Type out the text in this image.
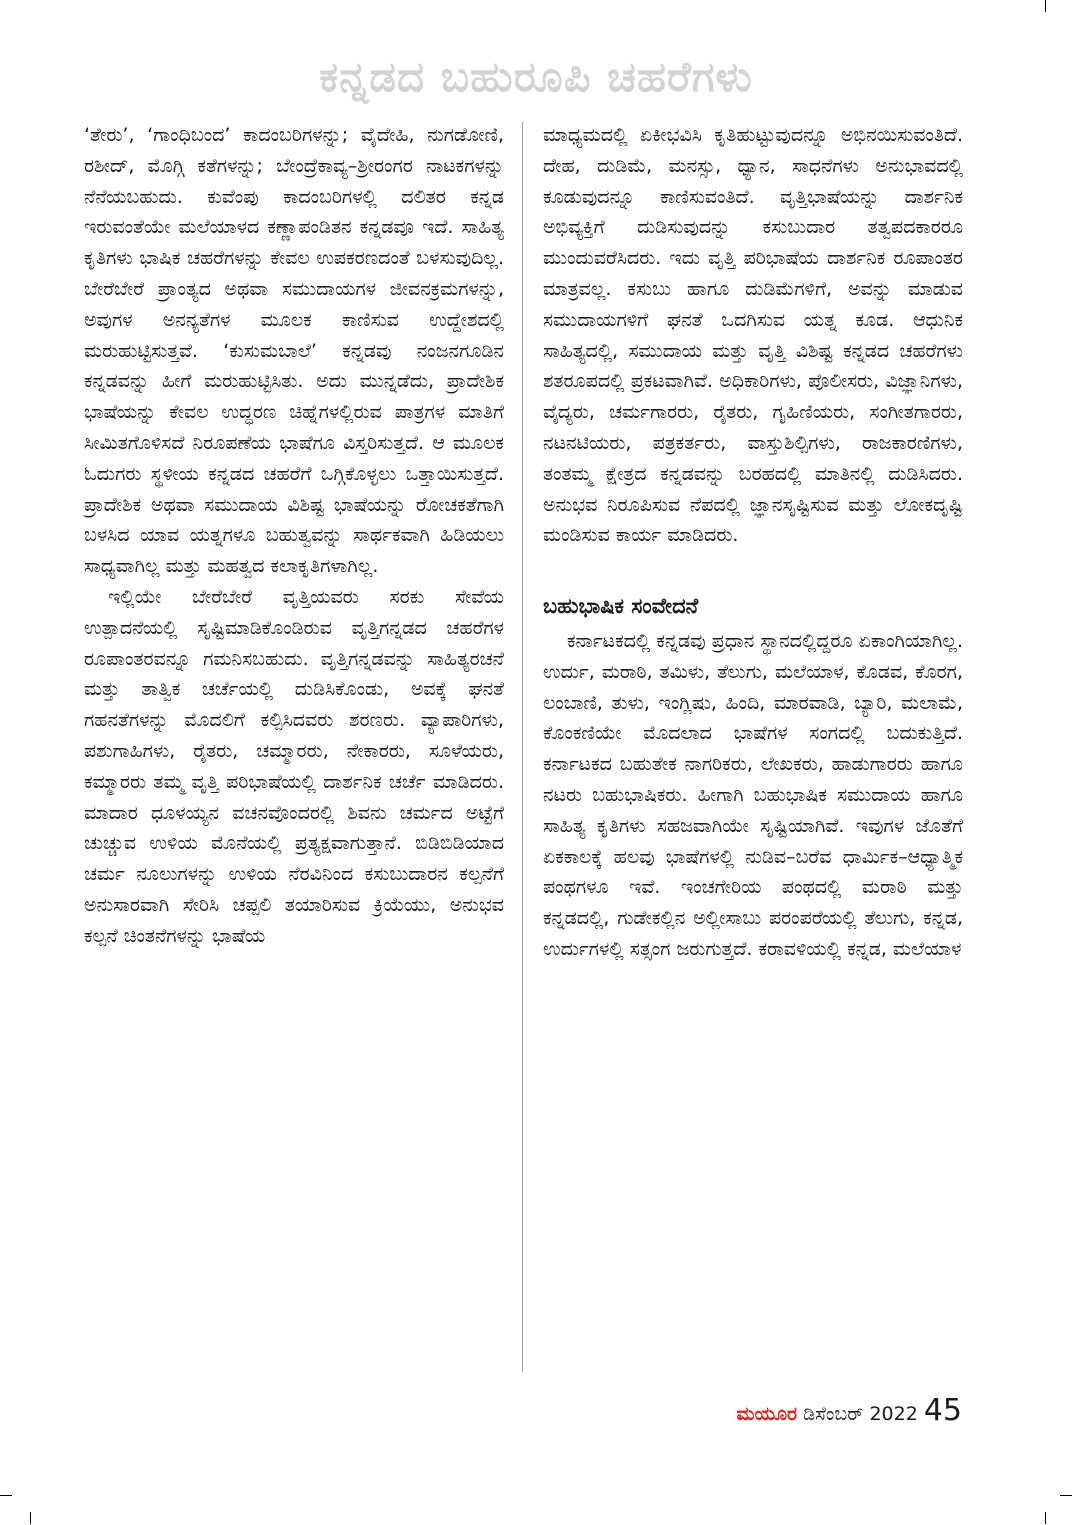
ಕನ್ನಡದ ಬಹುರೂಪಿ ಚಹರೆಗಳು

‘ತೇರು’, ‘ಗಾಂಧಿಬಂದ’ ಕಾದಂಬರಿಗಳನ್ನು; ವೈದೇಹಿ, ನುಗಡೋಣಿ, ರಶೀದ್, ಮೊಗ್ಗಿ ಕತೆಗಳನ್ನು; ಬೇಂದ್ರೆಕಾವ್ಯ–ಶ್ರೀರಂಗರ ನಾಟಕಗಳನ್ನು ನೆನೆಯಬಹುದು. ಕುವೆಂಪು ಕಾದಂಬರಿಗಳಲ್ಲಿ ದಲಿತರ ಕನ್ನಡ ಇರುವಂತೆಯೇ ಮಲೆಯಾಳದ ಕಣ್ಣಾಪಂಡಿತನ ಕನ್ನಡವೂ ಇದೆ. ಸಾಹಿತ್ಯ ಕೃತಿಗಳು ಭಾಷಿಕ ಚಹರೆಗಳನ್ನು ಕೇವಲ ಉಪಕರಣದಂತೆ ಬಳಸುವುದಿಲ್ಲ. ಬೇರೆಬೇರೆ ಪ್ರಾಂತ್ಯದ ಅಥವಾ ಸಮುದಾಯಗಳ ಜೀವನಕ್ರಮಗಳನ್ನು, ಅವುಗಳ ಅನನ್ಯತೆಗಳ ಮೂಲಕ ಕಾಣಿಸುವ ಉದ್ದೇಶದಲ್ಲಿ ಮರುಹುಟ್ಟಿಸುತ್ತವೆ. ‘ಕುಸುಮಬಾಲೆ’ ಕನ್ನಡವು ನಂಜನಗೂಡಿನ ಕನ್ನಡವನ್ನು ಹೀಗೆ ಮರುಹುಟ್ಟಿಸಿತು. ಅದು ಮುನ್ನಡೆದು, ಪ್ರಾದೇಶಿಕ ಭಾಷೆಯನ್ನು ಕೇವಲ ಉದ್ಧರಣ ಚಿಹ್ನೆಗಳಲ್ಲಿರುವ ಪಾತ್ರಗಳ ಮಾತಿಗೆ ಸೀಮಿತಗೊಳಿಸದೆ ನಿರೂಪಣೆಯ ಭಾಷೆಗೂ ವಿಸ್ತರಿಸುತ್ತದೆ. ಆ ಮೂಲಕ ಓದುಗರು ಸ್ಥಳೀಯ ಕನ್ನಡದ ಚಹರೆಗೆ ಒಗ್ಗಿಕೊಳ್ಳಲು ಒತ್ತಾಯಿಸುತ್ತದೆ. ಪ್ರಾದೇಶಿಕ ಅಥವಾ ಸಮುದಾಯ ವಿಶಿಷ್ಟ ಭಾಷೆಯನ್ನು ರೋಚಕತೆಗಾಗಿ ಬಳಸಿದ ಯಾವ ಯತ್ನಗಳೂ ಬಹುತ್ವವನ್ನು ಸಾರ್ಥಕವಾಗಿ ಹಿಡಿಯಲು ಸಾಧ್ಯವಾಗಿಲ್ಲ ಮತ್ತು ಮಹತ್ವದ ಕಲಾಕೃತಿಗಳಾಗಿಲ್ಲ.

ಇಲ್ಲಿಯೇ ಬೇರೆಬೇರೆ ವೃತ್ತಿಯವರು ಸರಕು ಸೇವೆಯ ಉತ್ಪಾದನೆಯಲ್ಲಿ ಸೃಷ್ಟಿಮಾಡಿಕೊಂಡಿರುವ ವೃತ್ತಿಗನ್ನಡದ ಚಹರೆಗಳ ರೂಪಾಂತರವನ್ನೂ ಗಮನಿಸಬಹುದು. ವೃತ್ತಿಗನ್ನಡವನ್ನು ಸಾಹಿತ್ಯರಚನೆ ಮತ್ತು ತಾತ್ವಿಕ ಚರ್ಚೆಯಲ್ಲಿ ದುಡಿಸಿಕೊಂಡು, ಅವಕ್ಕೆ ಘನತೆ ಗಹನತೆಗಳನ್ನು ಮೊದಲಿಗೆ ಕಲ್ಪಿಸಿದವರು ಶರಣರು. ವ್ಯಾಪಾರಿಗಳು, ಪಶುಗಾಹಿಗಳು, ರೈತರು, ಚಮ್ಮಾರರು, ನೇಕಾರರು, ಸೂಳೆಯರು, ಕಮ್ಮಾರರು ತಮ್ಮ ವೃತ್ತಿ ಪರಿಭಾಷೆಯಲ್ಲಿ ದಾರ್ಶನಿಕ ಚರ್ಚೆ ಮಾಡಿದರು. ಮಾದಾರ ಧೂಳಯ್ಯನ ವಚನವೊಂದರಲ್ಲಿ ಶಿವನು ಚರ್ಮದ ಅಟ್ಟೆಗೆ ಚುಚ್ಚುವ ಉಳಿಯ ಮೊನೆಯಲ್ಲಿ ಪ್ರತ್ಯಕ್ಷವಾಗುತ್ತಾನೆ. ಬಿಡಿಬಿಡಿಯಾದ ಚರ್ಮ ನೂಲುಗಳನ್ನು ಉಳಿಯ ನೆರವಿನಿಂದ ಕಸುಬುದಾರನ ಕಲ್ಪನೆಗೆ ಅನುಸಾರವಾಗಿ ಸೇರಿಸಿ ಚಪ್ಪಲಿ ತಯಾರಿಸುವ ಕ್ರಿಯೆಯು, ಅನುಭವ ಕಲ್ಪನೆ ಚಿಂತನೆಗಳನ್ನು ಭಾಷೆಯ

ಮಾಧ್ಯಮದಲ್ಲಿ ಏಕೀಭವಿಸಿ ಕೃತಿಹುಟ್ಟುವುದನ್ನೂ ಅಭಿನಯಿಸುವಂತಿದೆ. ದೇಹ, ದುಡಿಮೆ, ಮನಸ್ಸು, ಧ್ಯಾನ, ಸಾಧನೆಗಳು ಅನುಭಾವದಲ್ಲಿ ಕೂಡುವುದನ್ನೂ ಕಾಣಿಸುವಂತಿದೆ. ವೃತ್ತಿಭಾಷೆಯನ್ನು ದಾರ್ಶನಿಕ ಅಭಿವ್ಯಕ್ತಿಗೆ ದುಡಿಸುವುದನ್ನು ಕಸುಬುದಾರ ತತ್ವಪದಕಾರರೂ ಮುಂದುವರೆಸಿದರು. ಇದು ವೃತ್ತಿ ಪರಿಭಾಷೆಯ ದಾರ್ಶನಿಕ ರೂಪಾಂತರ ಮಾತ್ರವಲ್ಲ. ಕಸುಬು ಹಾಗೂ ದುಡಿಮೆಗಳಿಗೆ, ಅವನ್ನು ಮಾಡುವ ಸಮುದಾಯಗಳಿಗೆ ಘನತೆ ಒದಗಿಸುವ ಯತ್ನ ಕೂಡ. ಆಧುನಿಕ ಸಾಹಿತ್ಯದಲ್ಲಿ, ಸಮುದಾಯ ಮತ್ತು ವೃತ್ತಿ ವಿಶಿಷ್ಟ ಕನ್ನಡದ ಚಹರೆಗಳು ಶತರೂಪದಲ್ಲಿ ಪ್ರಕಟವಾಗಿವೆ. ಅಧಿಕಾರಿಗಳು, ಪೊಲೀಸರು, ವಿಜ್ಞಾನಿಗಳು, ವೈದ್ಯರು, ಚರ್ಮಗಾರರು, ರೈತರು, ಗೃಹಿಣಿಯರು, ಸಂಗೀತಗಾರರು, ನಟನಟಿಯರು, ಪತ್ರಕರ್ತರು, ವಾಸ್ತುಶಿಲ್ಪಿಗಳು, ರಾಜಕಾರಣಿಗಳು, ತಂತಮ್ಮ ಕ್ಷೇತ್ರದ ಕನ್ನಡವನ್ನು ಬರಹದಲ್ಲಿ ಮಾತಿನಲ್ಲಿ ದುಡಿಸಿದರು. ಅನುಭವ ನಿರೂಪಿಸುವ ನೆಪದಲ್ಲಿ ಜ್ಞಾನಸೃಷ್ಟಿಸುವ ಮತ್ತು ಲೋಕದೃಷ್ಟಿ ಮಂಡಿಸುವ ಕಾರ್ಯ ಮಾಡಿದರು.

ಬಹುಭಾಷಿಕ ಸಂವೇದನೆ

ಕರ್ನಾಟಕದಲ್ಲಿ ಕನ್ನಡವು ಪ್ರಧಾನ ಸ್ಥಾನದಲ್ಲಿದ್ದರೂ ಏಕಾಂಗಿಯಾಗಿಲ್ಲ. ಉರ್ದು, ಮರಾಠಿ, ತಮಿಳು, ತೆಲುಗು, ಮಲೆಯಾಳ, ಕೊಡವ, ಕೊರಗ, ಲಂಬಾಣಿ, ತುಳು, ಇಂಗ್ಲಿಷು, ಹಿಂದಿ, ಮಾರವಾಡಿ, ಬ್ಯಾರಿ, ಮಲಾಮೆ, ಕೊಂಕಣಿಯೇ ಮೊದಲಾದ ಭಾಷೆಗಳ ಸಂಗದಲ್ಲಿ ಬದುಕುತ್ತಿದೆ. ಕರ್ನಾಟಕದ ಬಹುತೇಕ ನಾಗರಿಕರು, ಲೇಖಕರು, ಹಾಡುಗಾರರು ಹಾಗೂ ನಟರು ಬಹುಭಾಷಿಕರು. ಹೀಗಾಗಿ ಬಹುಭಾಷಿಕ ಸಮುದಾಯ ಹಾಗೂ ಸಾಹಿತ್ಯ ಕೃತಿಗಳು ಸಹಜವಾಗಿಯೇ ಸೃಷ್ಟಿಯಾಗಿವೆ. ಇವುಗಳ ಜೊತೆಗೆ ಏಕಕಾಲಕ್ಕೆ ಹಲವು ಭಾಷೆಗಳಲ್ಲಿ ನುಡಿವ–ಬರೆವ ಧಾರ್ಮಿಕ–ಆಧ್ಯಾತ್ಮಿಕ ಪಂಥಗಳೂ ಇವೆ. ಇಂಚಗೇರಿಯ ಪಂಥದಲ್ಲಿ ಮರಾಠಿ ಮತ್ತು ಕನ್ನಡದಲ್ಲಿ, ಗುಡೇಕಲ್ಲಿನ ಅಲ್ಲೀಸಾಬು ಪರಂಪರೆಯಲ್ಲಿ ತೆಲುಗು, ಕನ್ನಡ, ಉರ್ದುಗಳಲ್ಲಿ ಸತ್ಸಂಗ ಜರುಗುತ್ತದೆ. ಕರಾವಳಿಯಲ್ಲಿ ಕನ್ನಡ, ಮಲೆಯಾಳ

ಮಯೂರ ಡಿಸೆಂಬರ್ 2022 45
